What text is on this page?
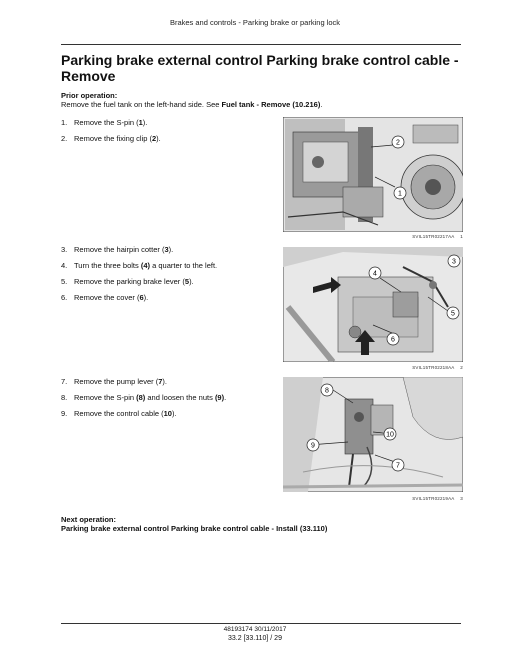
Brakes and controls - Parking brake or parking lock
Parking brake external control Parking brake control cable - Remove
Prior operation:
Remove the fuel tank on the left-hand side. See Fuel tank - Remove (10.216).
1. Remove the S-pin (1).
2. Remove the fixing clip (2).	2
1
SVIL15TR02217AA 1
3. Remove the hairpin cotter (3).
4. Turn the three bolts (4) a quarter to the left.
5. Remove the parking brake lever (5).
6. Remove the cover (6).
3
4
5
6
SVIL15TR02218AA 2
7. Remove the pump lever (7).
8. Remove the S-pin (8) and loosen the nuts (9).
9. Remove the control cable (10).
8
9
10
7
SVIL15TR02219AA 3
Next operation:
Parking brake external control Parking brake control cable - Install (33.110)
48193174 30/11/2017
33.2 [33.110] / 29
